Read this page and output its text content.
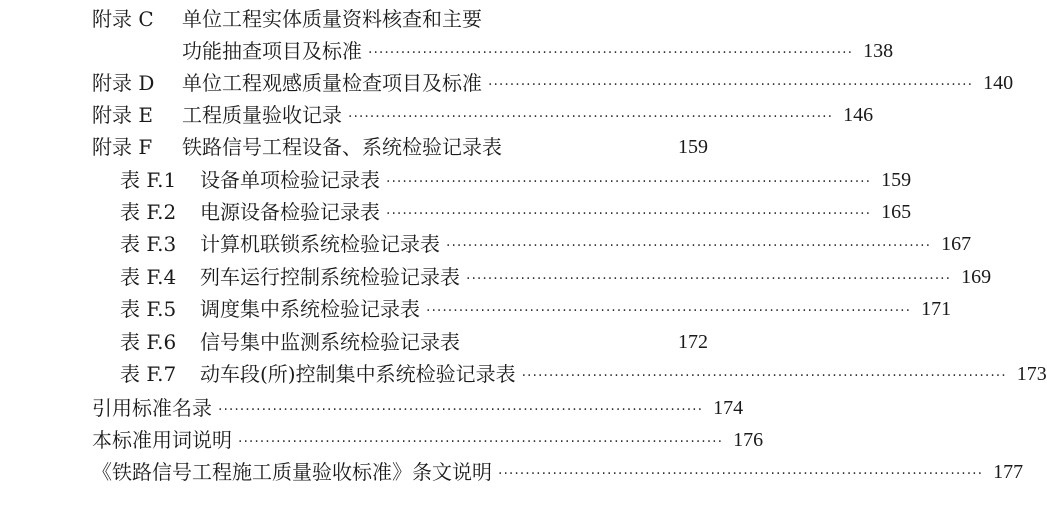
附录 C	单位工程实体质量资料核查和主要
功能抽查项目及标准 ························································································· 138
附录 D	单位工程观感质量检查项目及标准 ························································································· 140
附录 E	工程质量验收记录 ························································································· 146
附录 F	铁路信号工程设备、系统检验记录表	159
表 F.1	设备单项检验记录表 ························································································· 159
表 F.2	电源设备检验记录表 ························································································· 165
表 F.3	计算机联锁系统检验记录表 ························································································· 167
表 F.4	列车运行控制系统检验记录表 ························································································· 169
表 F.5	调度集中系统检验记录表 ························································································· 171
表 F.6	信号集中监测系统检验记录表	172
表 F.7	动车段(所)控制集中系统检验记录表 ························································································· 173
引用标准名录 ························································································· 174
本标准用词说明 ························································································· 176
《铁路信号工程施工质量验收标准》条文说明 ························································································· 177
